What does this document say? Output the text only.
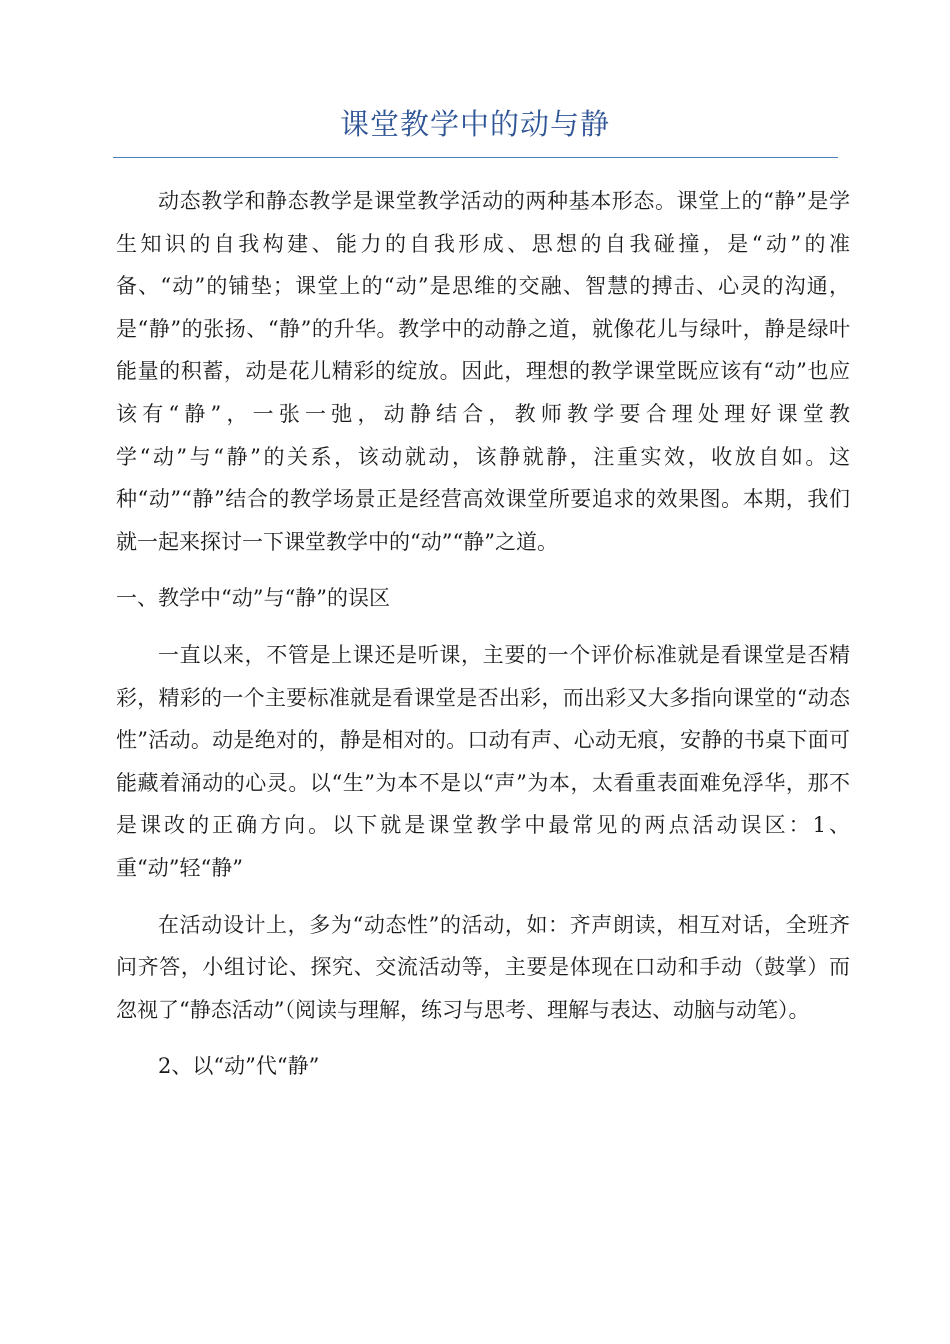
课堂教学中的动与静

动态教学和静态教学是课堂教学活动的两种基本形态。课堂上的“静”是学生知识的自我构建、能力的自我形成、思想的自我碰撞，是“动”的准备、“动”的铺垫；课堂上的“动”是思维的交融、智慧的搏击、心灵的沟通，是“静”的张扬、“静”的升华。教学中的动静之道，就像花儿与绿叶，静是绿叶能量的积蓄，动是花儿精彩的绽放。因此，理想的教学课堂既应该有“动”也应该有“静”，一张一弛，动静结合，教师教学要合理处理好课堂教学“动”与“静”的关系，该动就动，该静就静，注重实效，收放自如。这种“动”“静”结合的教学场景正是经营高效课堂所要追求的效果图。本期，我们就一起来探讨一下课堂教学中的“动”“静”之道。

一、教学中“动”与“静”的误区

一直以来，不管是上课还是听课，主要的一个评价标准就是看课堂是否精彩，精彩的一个主要标准就是看课堂是否出彩，而出彩又大多指向课堂的“动态性”活动。动是绝对的，静是相对的。口动有声、心动无痕，安静的书桌下面可能藏着涌动的心灵。以“生”为本不是以“声”为本，太看重表面难免浮华，那不是课改的正确方向。以下就是课堂教学中最常见的两点活动误区：1、重“动”轻“静”

在活动设计上，多为“动态性”的活动，如：齐声朗读，相互对话，全班齐问齐答，小组讨论、探究、交流活动等，主要是体现在口动和手动（鼓掌）而忽视了“静态活动”（阅读与理解，练习与思考、理解与表达、动脑与动笔）。

2、以“动”代“静”
